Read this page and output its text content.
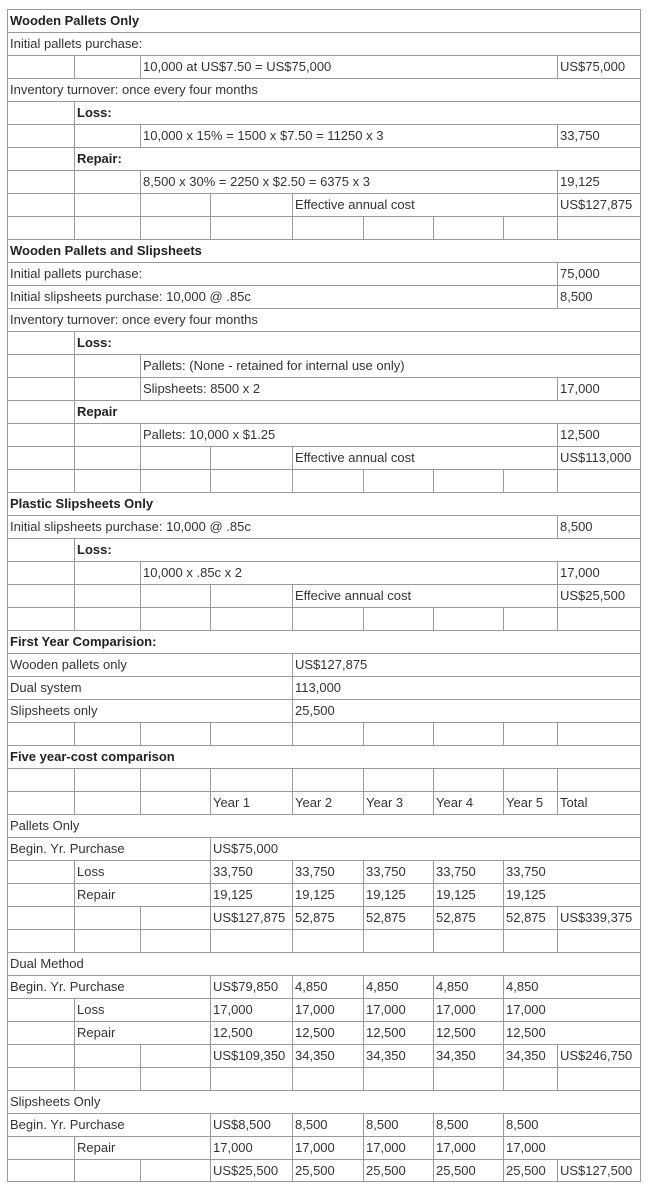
Wooden Pallets Only
Initial pallets purchase:
10,000 at US$7.50 = US$75,000	US$75,000
Inventory turnover: once every four months
Loss:
10,000 x 15% = 1500 x $7.50 = 11250 x 3	33,750
Repair:
8,500 x 30% = 2250 x $2.50 = 6375 x 3	19,125
Effective annual cost	US$127,875
Wooden Pallets and Slipsheets
Initial pallets purchase:	75,000
Initial slipsheets purchase: 10,000 @ .85c	8,500
Inventory turnover: once every four months
Loss:
Pallets: (None - retained for internal use only)
Slipsheets: 8500 x 2	17,000
Repair
Pallets: 10,000 x $1.25	12,500
Effective annual cost	US$113,000
Plastic Slipsheets Only
Initial slipsheets purchase: 10,000 @ .85c	8,500
Loss:
10,000 x .85c x 2	17,000
Effecive annual cost	US$25,500
First Year Comparision:
Wooden pallets only	US$127,875
Dual system	113,000
Slipsheets only	25,500
Five year-cost comparison
Year 1	Year 2	Year 3	Year 4	Year 5 Total
Pallets Only
Begin. Yr. Purchase	US$75,000
Loss	33,750	33,750 33,750 33,750 33,750
Repair	19,125	19,125 19,125 19,125 19,125
US$127,875 52,875 52,875 52,875 52,875 US$339,375
Dual Method
Begin. Yr. Purchase	US$79,850 4,850	4,850	4,850	4,850
Loss	17,000	17,000 17,000 17,000 17,000
Repair	12,500	12,500 12,500 12,500 12,500
US$109,350 34,350 34,350 34,350 34,350 US$246,750
Slipsheets Only
Begin. Yr. Purchase	US$8,500 8,500	8,500	8,500	8,500
Repair	17,000	17,000 17,000 17,000 17,000
US$25,500 25,500 25,500 25,500 25,500 US$127,500
